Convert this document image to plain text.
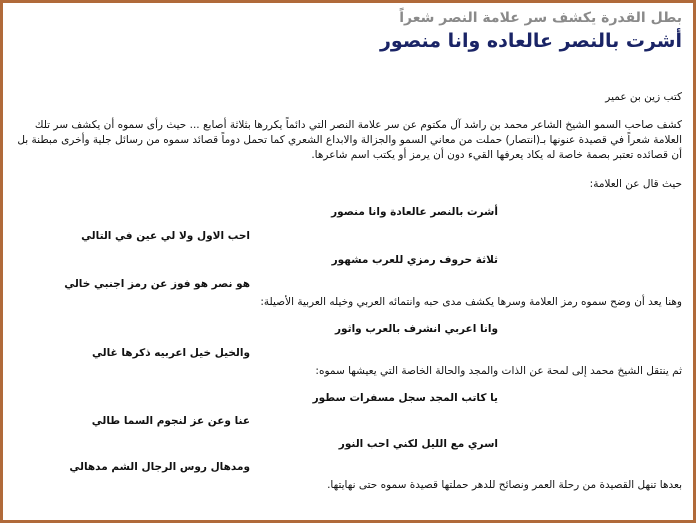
بطل القدرة يكشف سر علامة النصر شعراً

أشرت بالنصر عالعاده وانا منصور

كتب زين بن عمير

كشف صاحب السمو الشيخ الشاعر محمد بن راشد آل مكتوم عن سر علامة النصر التي دائماً يكررها بثلاثة أصابع ... حيث رأى سموه أن يكشف سر تلك العلامة شعراً في قصيدة عنونها بـ(انتصار) حملت من معاني السمو والجزالة والابداع الشعري كما تحمل دوماً قصائد سموه من رسائل جلية وأخرى مبطنة بل أن قصائده تعتبر بصمة خاصة له يكاد يعرفها القيء دون أن يرمز أو يكتب اسم شاعرها.

حيث قال عن العلامة:

أشرت بالنصر عالعادة وانا منصور

احب الاول ولا لي عين في التالي

ثلاثة حروف رمزي للعرب مشهور

هو نصر هو فوز عن رمز اجنبي خالي

وهنا يعد أن وضح سموه رمز العلامة وسرها يكشف مدى حبه وانتمائه العربي وخيله العربية الأصيلة:

وانا اعربي انشرف بالعرب واثور

والخيل خيل اعربيه ذكرها غالي

ثم ينتقل الشيخ محمد إلى لمحة عن الذات والمجد والحالة الخاصة التي يعيشها سموه:

يا كاتب المجد سجل مسفرات سطور

عنا وعن عز لنجوم السما طالي

اسري مع الليل لكني احب النور

ومدهال روس الرجال الشم مدهالي

بعدها تنهل القصيدة من رحلة العمر ونصائح للدهر حملتها قصيدة سموه حتى نهايتها.
